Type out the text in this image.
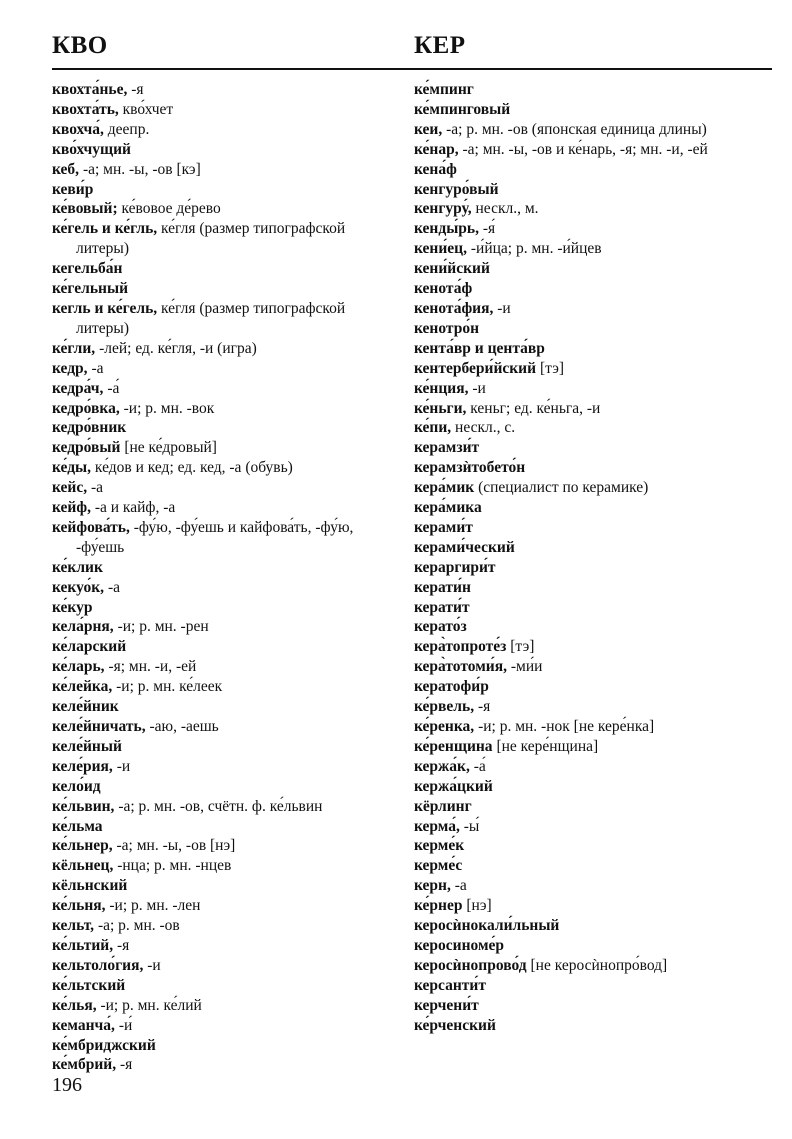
КВО	КЕР

квохта́нье, -я

квохта́ть, кво́хчет

квохча́, деепр.

кво́хчущий

кеб, -а; мн. -ы, -ов [кэ]

кеви́р

ке́вовый; ке́вовое де́рево

ке́гель и ке́гль, ке́гля (размер типографской литеры)

кегельба́н

ке́гельный

кегль и ке́гель, ке́гля (размер типографской литеры)

ке́гли, -лей; ед. ке́гля, -и (игра)

кедр, -а

кедра́ч, -а́

кедро́вка, -и; р. мн. -вок

кедро́вник

кедро́вый [не ке́дровый]

ке́ды, ке́дов и кед; ед. кед, -а (обувь)

кейс, -а

кейф, -а и кайф, -а

кейфова́ть, -фу́ю, -фу́ешь и кайфова́ть, -фу́ю, -фу́ешь

ке́клик

кекуо́к, -а

ке́кур

кела́рня, -и; р. мн. -рен

ке́ларский

ке́ларь, -я; мн. -и, -ей

ке́лейка, -и; р. мн. ке́леек

келе́йник

келе́йничать, -аю, -аешь

келе́йный

келе́рия, -и

кело́ид

ке́львин, -а; р. мн. -ов, счётн. ф. ке́львин

ке́льма

ке́льнер, -а; мн. -ы, -ов [нэ]

кёльнец, -нца; р. мн. -нцев

кёльнский

ке́льня, -и; р. мн. -лен

кельт, -а; р. мн. -ов

ке́льтий, -я

кельтоло́гия, -и

ке́льтский

ке́лья, -и; р. мн. ке́лий

кеманча́, -и́

ке́мбриджский

ке́мбрий, -я

ке́мпинг

ке́мпинговый

кеи, -а; р. мн. -ов (японская единица длины)

ке́нар, -а; мн. -ы, -ов и ке́нарь, -я; мн. -и, -ей

кена́ф

кенгуро́вый

кенгуру́, нескл., м.

кенды́рь, -я́

кени́ец, -и́йца; р. мн. -и́йцев

кени́йский

кенота́ф

кенота́фия, -и

кенотро́н

кента́вр и цента́вр

кентербери́йский [тэ]

ке́нция, -и

ке́ньги, кеньг; ед. ке́ньга, -и

ке́пи, нескл., с.

керамзи́т

керамзѝтобето́н

кера́мик (специалист по керамике)

кера́мика

керами́т

керами́ческий

кераргири́т

керати́н

керати́т

керато́з

кера̀топроте́з [тэ]

кера̀тотоми́я, -ми́и

кератофи́р

ке́рвель, -я

ке́ренка, -и; р. мн. -нок [не кере́нка]

ке́ренщина [не кере́нщина]

кержа́к, -а́

кержа́цкий

кёрлинг

керма́, -ы́

керме́к

керме́с

керн, -а

ке́рнер [нэ]

керосѝнокали́льный

керосиноме́р

керосѝнопрово́д [не керосѝнопро́вод]

керсанти́т

керчени́т

ке́рченский

196
